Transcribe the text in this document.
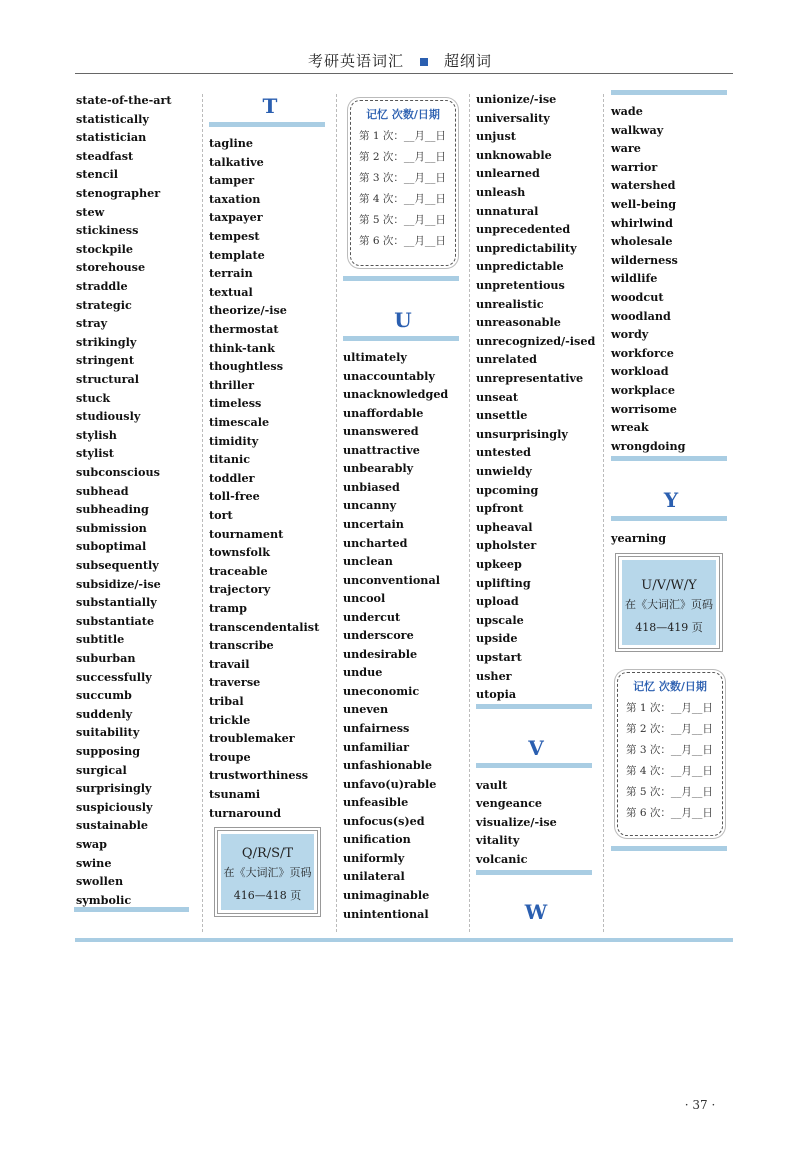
考研英语词汇	超纲词
state-of-the-art
statistically
statistician
steadfast
stencil
stenographer
stew
stickiness
stockpile
storehouse
straddle
strategic
stray
strikingly
stringent
structural
stuck
studiously
stylish
stylist
subconscious
subhead
subheading
submission
suboptimal
subsequently
subsidize/-ise
substantially
substantiate
subtitle
suburban
successfully
succumb
suddenly
suitability
supposing
surgical
surprisingly
suspiciously
sustainable
swap
swine
swollen
symbolic
T
tagline
talkative
tamper
taxation
taxpayer
tempest
template
terrain
textual
theorize/-ise
thermostat
think-tank
thoughtless
thriller
timeless
timescale
timidity
titanic
toddler
toll-free
tort
tournament
townsfolk
traceable
trajectory
tramp
transcendentalist
transcribe
travail
traverse
tribal
trickle
troublemaker
troupe
trustworthiness
tsunami
turnaround
Q/R/S/T
在《大词汇》页码
416—418 页
记忆 次数/日期
第 1 次：__月__日
第 2 次：__月__日
第 3 次：__月__日
第 4 次：__月__日
第 5 次：__月__日
第 6 次：__月__日
U
ultimately
unaccountably
unacknowledged
unaffordable
unanswered
unattractive
unbearably
unbiased
uncanny
uncertain
uncharted
unclean
unconventional
uncool
undercut
underscore
undesirable
undue
uneconomic
uneven
unfairness
unfamiliar
unfashionable
unfavo(u)rable
unfeasible
unfocus(s)ed
unification
uniformly
unilateral
unimaginable
unintentional
V
W
unionize/-ise
universality
unjust
unknowable
unlearned
unleash
unnatural
unprecedented
unpredictability
unpredictable
unpretentious
unrealistic
unreasonable
unrecognized/-ised
unrelated
unrepresentative
unseat
unsettle
unsurprisingly
untested
unwieldy
upcoming
upfront
upheaval
upholster
upkeep
uplifting
upload
upscale
upside
upstart
usher
utopia
vault
vengeance
visualize/-ise
vitality
volcanic
Y
wade
walkway
ware
warrior
watershed
well-being
whirlwind
wholesale
wilderness
wildlife
woodcut
woodland
wordy
workforce
workload
workplace
worrisome
wreak
wrongdoing
yearning
U/V/W/Y
在《大词汇》页码
418—419 页
记忆 次数/日期
第 1 次：__月__日
第 2 次：__月__日
第 3 次：__月__日
第 4 次：__月__日
第 5 次：__月__日
第 6 次：__月__日
· 37 ·
